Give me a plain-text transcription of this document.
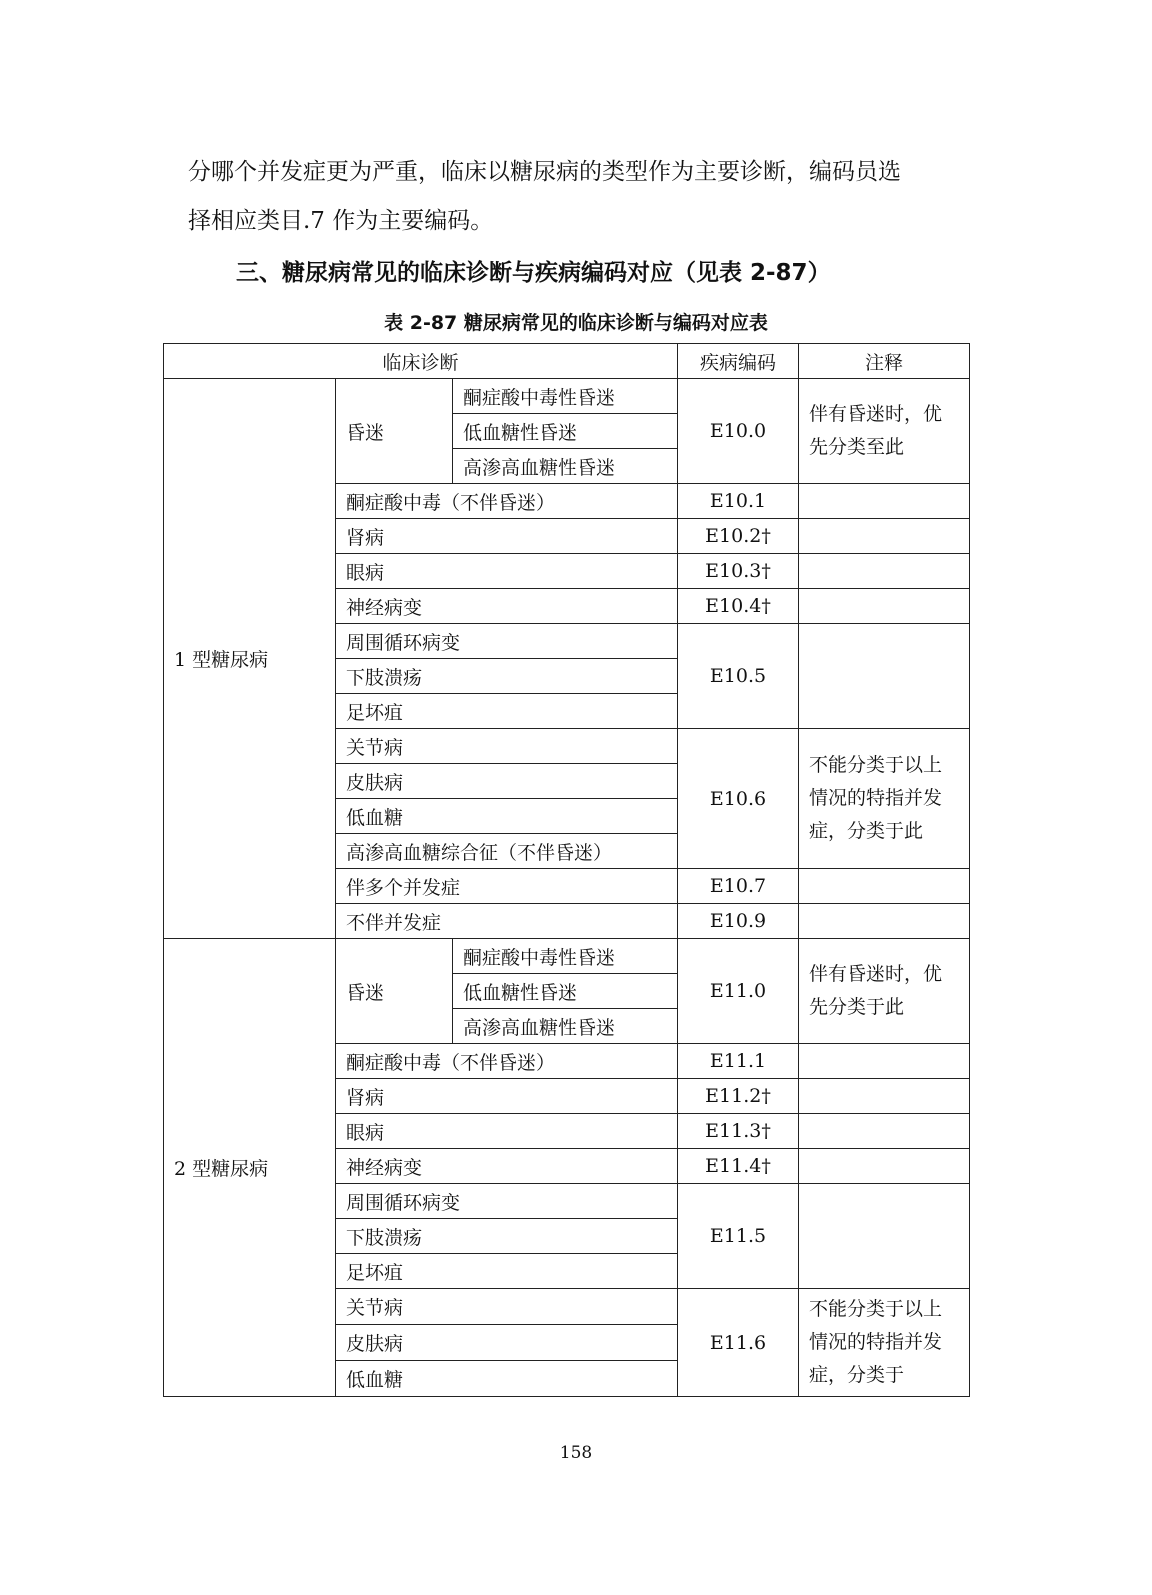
分哪个并发症更为严重，临床以糖尿病的类型作为主要诊断，编码员选
择相应类目.7 作为主要编码。
三、糖尿病常见的临床诊断与疾病编码对应（见表 2-87）
表 2-87 糖尿病常见的临床诊断与编码对应表
临床诊断			疾病编码	注释
1 型糖尿病	昏迷	酮症酸中毒性昏迷	E10.0	伴有昏迷时，优先分类至此
		低血糖性昏迷		
		高渗高血糖性昏迷		
	酮症酸中毒（不伴昏迷）		E10.1	
	肾病		E10.2†	
	眼病		E10.3†	
	神经病变		E10.4†	
	周围循环病变		E10.5	
	下肢溃疡			
	足坏疽			
	关节病		E10.6	不能分类于以上情况的特指并发症，分类于此
	皮肤病			
	低血糖			
	高渗高血糖综合征（不伴昏迷）			
	伴多个并发症		E10.7	
	不伴并发症		E10.9	
2 型糖尿病	昏迷	酮症酸中毒性昏迷	E11.0	伴有昏迷时，优先分类于此
		低血糖性昏迷		
		高渗高血糖性昏迷		
	酮症酸中毒（不伴昏迷）		E11.1	
	肾病		E11.2†	
	眼病		E11.3†	
	神经病变		E11.4†	
	周围循环病变		E11.5	
	下肢溃疡			
	足坏疽			
	关节病		E11.6	不能分类于以上情况的特指并发症，分类于
	皮肤病			
	低血糖			
158
